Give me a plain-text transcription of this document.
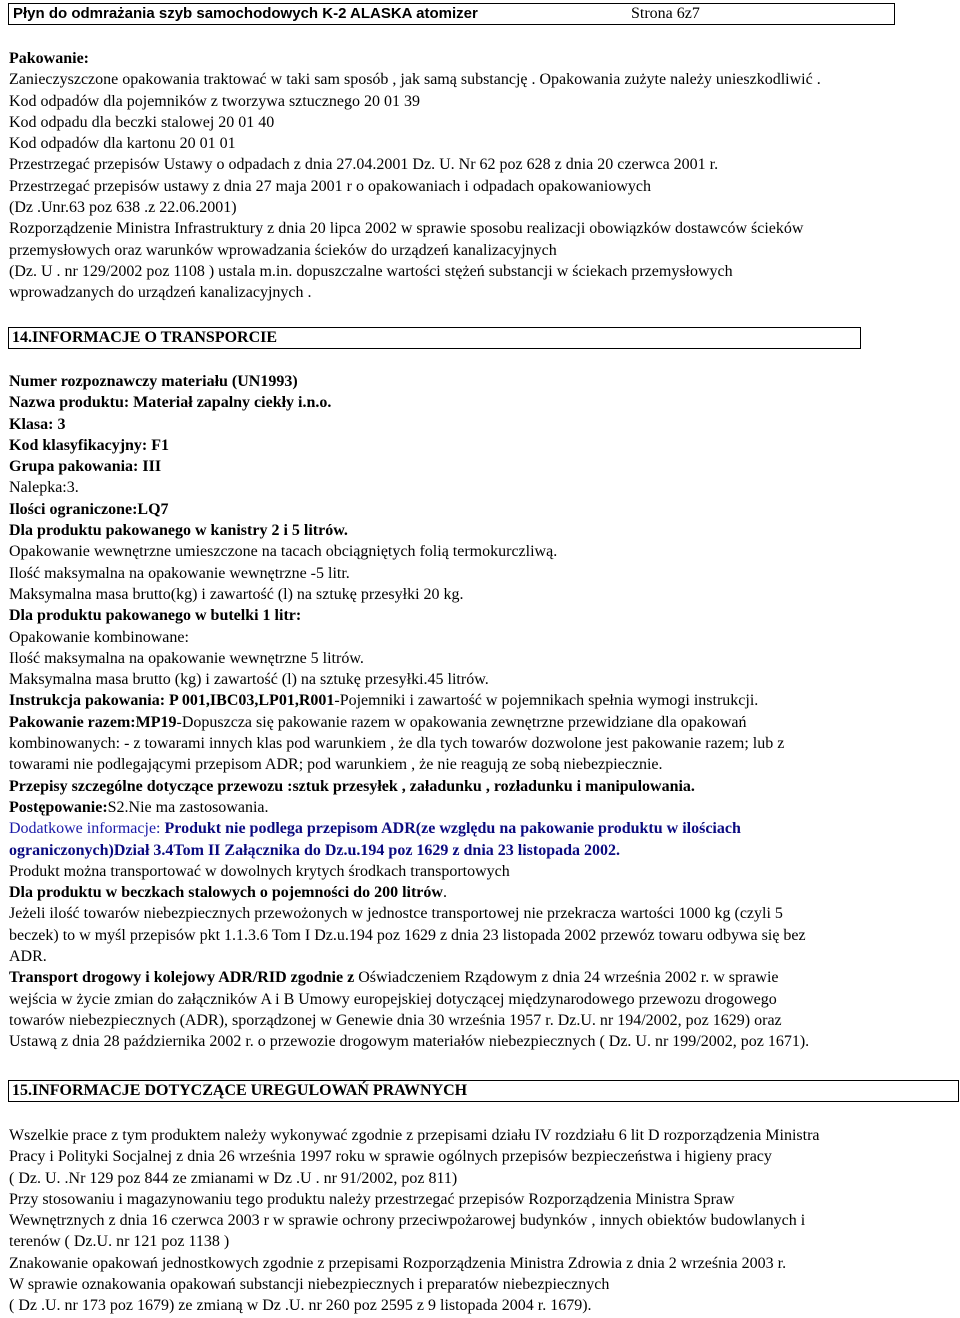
Płyn do odmrażania szyb samochodowych K-2 ALASKA atomizer	Strona 6z7

Pakowanie:

Zanieczyszczone opakowania traktować w taki sam sposób , jak samą substancję . Opakowania zużyte należy unieszkodliwić .

Kod odpadów dla pojemników z tworzywa sztucznego 20 01 39

Kod odpadu dla beczki stalowej 20 01 40

Kod odpadów dla kartonu 20 01 01

Przestrzegać przepisów Ustawy o odpadach z dnia 27.04.2001 Dz. U. Nr 62 poz 628 z dnia 20 czerwca 2001 r.

Przestrzegać przepisów ustawy z dnia 27 maja 2001 r o opakowaniach i odpadach opakowaniowych

(Dz .Unr.63 poz 638 .z 22.06.2001)

Rozporządzenie Ministra Infrastruktury z dnia 20 lipca 2002 w sprawie sposobu realizacji obowiązków dostawców ścieków

przemysłowych oraz warunków wprowadzania ścieków do urządzeń kanalizacyjnych

(Dz. U . nr 129/2002 poz 1108 ) ustala m.in. dopuszczalne wartości stężeń substancji w ściekach przemysłowych

wprowadzanych do urządzeń kanalizacyjnych .

14.INFORMACJE O TRANSPORCIE

Numer rozpoznawczy materiału (UN1993)

Nazwa produktu: Materiał zapalny ciekły i.n.o.

Klasa: 3

Kod klasyfikacyjny: F1

Grupa pakowania: III

Nalepka:3.

Ilości ograniczone:LQ7

Dla produktu pakowanego w kanistry 2 i 5 litrów.

Opakowanie wewnętrzne umieszczone na tacach obciągniętych folią termokurczliwą.

Ilość maksymalna na opakowanie wewnętrzne -5 litr.

Maksymalna masa brutto(kg) i zawartość (l) na sztukę przesyłki 20 kg.

Dla produktu pakowanego w butelki 1 litr:

Opakowanie kombinowane:

Ilość maksymalna na opakowanie wewnętrzne 5 litrów.

Maksymalna masa brutto (kg) i zawartość (l) na sztukę przesyłki.45 litrów.

Instrukcja pakowania: P 001,IBC03,LP01,R001-Pojemniki i zawartość w pojemnikach spełnia wymogi instrukcji.

Pakowanie razem:MP19-Dopuszcza się pakowanie razem w opakowania zewnętrzne przewidziane dla opakowań

kombinowanych: - z towarami innych klas pod warunkiem , że dla tych towarów dozwolone jest pakowanie razem; lub z

towarami nie podlegającymi przepisom ADR; pod warunkiem , że nie reagują ze sobą niebezpiecznie.

Przepisy szczególne dotyczące przewozu :sztuk przesyłek , załadunku , rozładunku i manipulowania.

Postępowanie:S2.Nie ma zastosowania.

Dodatkowe informacje: Produkt nie podlega przepisom ADR(ze względu na pakowanie produktu w ilościach

ograniczonych)Dział 3.4Tom II Załącznika do Dz.u.194 poz 1629 z dnia 23 listopada 2002.

Produkt można transportować w dowolnych krytych środkach transportowych

Dla produktu w beczkach stalowych o pojemności do 200 litrów.

Jeżeli ilość towarów niebezpiecznych przewożonych w jednostce transportowej nie przekracza wartości 1000 kg (czyli 5

beczek) to w myśl przepisów pkt 1.1.3.6 Tom I Dz.u.194 poz 1629 z dnia 23 listopada 2002 przewóz towaru odbywa się bez

ADR.

Transport drogowy i kolejowy ADR/RID zgodnie z Oświadczeniem Rządowym z dnia 24 września 2002 r. w sprawie

wejścia w życie zmian do załączników A i B Umowy europejskiej dotyczącej międzynarodowego przewozu drogowego

towarów niebezpiecznych (ADR), sporządzonej w Genewie dnia 30 września 1957 r. Dz.U. nr 194/2002, poz 1629) oraz

Ustawą z dnia 28 października 2002 r. o przewozie drogowym materiałów niebezpiecznych ( Dz. U. nr 199/2002, poz 1671).

15.INFORMACJE DOTYCZĄCE UREGULOWAŃ PRAWNYCH

Wszelkie prace z tym produktem należy wykonywać zgodnie z przepisami działu IV rozdziału 6 lit D rozporządzenia Ministra

Pracy i Polityki Socjalnej z dnia 26 września 1997 roku w sprawie ogólnych przepisów bezpieczeństwa i higieny pracy

( Dz. U. .Nr 129 poz 844 ze zmianami w Dz .U . nr 91/2002, poz 811)

Przy stosowaniu i magazynowaniu tego produktu należy przestrzegać przepisów Rozporządzenia Ministra Spraw

Wewnętrznych z dnia 16 czerwca 2003 r w sprawie ochrony przeciwpożarowej budynków , innych obiektów budowlanych i

terenów ( Dz.U. nr 121 poz 1138 )

Znakowanie opakowań jednostkowych zgodnie z przepisami Rozporządzenia Ministra Zdrowia z dnia 2 września 2003 r.

W sprawie oznakowania opakowań substancji niebezpiecznych i preparatów niebezpiecznych

( Dz .U. nr 173 poz 1679) ze zmianą w Dz .U. nr 260 poz 2595 z 9 listopada 2004 r. 1679).
